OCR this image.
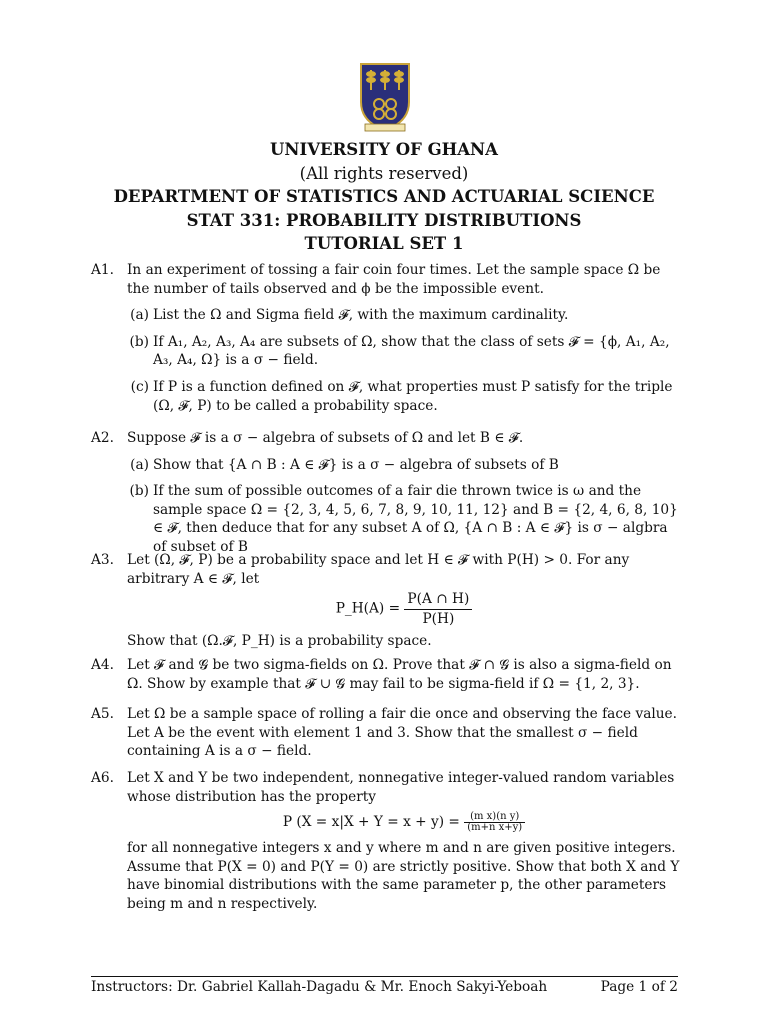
UNIVERSITY OF GHANA
(All rights reserved)
DEPARTMENT OF STATISTICS AND ACTUARIAL SCIENCE
STAT 331: PROBABILITY DISTRIBUTIONS
TUTORIAL SET 1
A1. In an experiment of tossing a fair coin four times. Let the sample space Ω be the number of tails observed and ϕ be the impossible event.
(a) List the Ω and Sigma field 𝓕, with the maximum cardinality.
(b) If A₁, A₂, A₃, A₄ are subsets of Ω, show that the class of sets 𝓕 = {ϕ, A₁, A₂, A₃, A₄, Ω} is a σ − field.
(c) If P is a function defined on 𝓕, what properties must P satisfy for the triple (Ω, 𝓕, P) to be called a probability space.
A2. Suppose 𝓕 is a σ − algebra of subsets of Ω and let B ∈ 𝓕.
(a) Show that {A ∩ B : A ∈ 𝓕} is a σ − algebra of subsets of B
(b) If the sum of possible outcomes of a fair die thrown twice is ω and the sample space Ω = {2, 3, 4, 5, 6, 7, 8, 9, 10, 11, 12} and B = {2, 4, 6, 8, 10} ∈ 𝓕, then deduce that for any subset A of Ω, {A ∩ B : A ∈ 𝓕} is σ − algbra of subset of B
A3. Let (Ω, 𝓕, P) be a probability space and let H ∈ 𝓕 with P(H) > 0. For any arbitrary A ∈ 𝓕, let
P_H(A) = $\frac{P(A \cap H)}{P(H)}$
Show that (Ω.𝓕, P_H) is a probability space.
A4. Let 𝓕 and 𝓖 be two sigma-fields on Ω. Prove that 𝓕 ∩ 𝓖 is also a sigma-field on Ω. Show by example that 𝓕 ∪ 𝓖 may fail to be sigma-field if Ω = {1, 2, 3}.
A5. Let Ω be a sample space of rolling a fair die once and observing the face value. Let A be the event with element 1 and 3. Show that the smallest σ − field containing A is a σ − field.
A6. Let X and Y be two independent, nonnegative integer-valued random variables whose distribution has the property
P $(X = x|X + Y = x + y) = \frac{\text{(m x)(n y)}}{\text{(m+n x+y)}}$
for all nonnegative integers x and y where m and n are given positive integers. Assume that P(X = 0) and P(Y = 0) are strictly positive. Show that both X and Y have binomial distributions with the same parameter p, the other parameters being m and n respectively.
Instructors: Dr. Gabriel Kallah-Dagadu & Mr. Enoch Sakyi-Yeboah	Page 1 of 2
